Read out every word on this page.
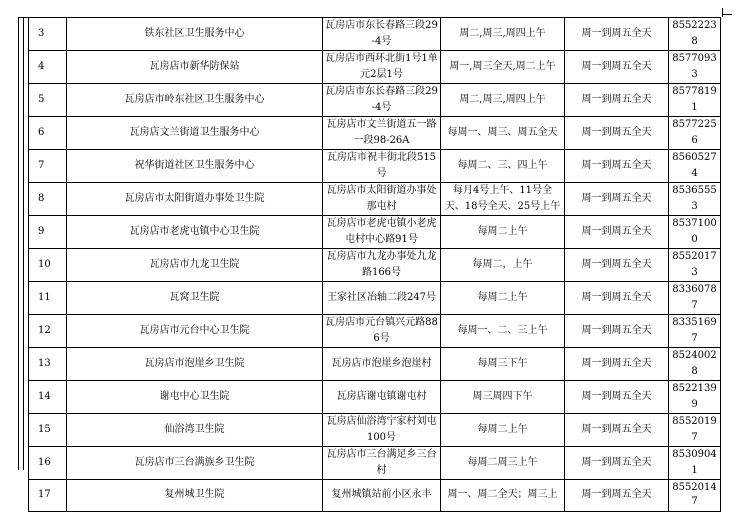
3	铁东社区卫生服务中心	瓦房店市东长春路三段29-4号	周二,周三,周四上午	周一到周五全天	85522238
4	瓦房店市新华防保站	瓦房店市西环北街1号1单元2层1号	周一,周三全天,周二上午	周一到周五全天	85770933
5	瓦房店市岭东社区卫生服务中心	瓦房店市东长春路三段29-4号	周二,周三,周四上午	周一到周五全天	85778191
6	瓦房店文兰街道卫生服务中心	瓦房店市文兰街道五一路一段98-26A	每周一、周三、周五全天	周一到周五全天	85772256
7	祝华街道社区卫生服务中心	瓦房店市祝丰街北段515号	每周二、三、四上午	周一到周五全天	85605274
8	瓦房店市太阳街道办事处卫生院	瓦房店市太阳街道办事处那屯村	每月4号上午、11号全天、18号全天、25号上午	周一到周五全天	85365553
9	瓦房店市老虎屯镇中心卫生院	瓦房店市老虎屯镇小老虎屯村中心路91号	每周二上午	周一到周五全天	85371000
10	瓦房店市九龙卫生院	瓦房店市九龙办事处九龙路166号	每周二，上午	周一到周五全天	85520173
11	瓦窝卫生院	王家社区冶轴二段247号	每周二上午	周一到周五全天	83360787
12	瓦房店市元台中心卫生院	瓦房店市元台镇兴元路886号	每周一、二、三上午	周一到周五全天	83351697
13	瓦房店市泡崖乡卫生院	瓦房店市泡崖乡泡崖村	每周三下午	周一到周五全天	85240028
14	谢屯中心卫生院	瓦房店谢屯镇谢屯村	周三周四下午	周一到周五全天	85221399
15	仙浴湾卫生院	瓦房店仙浴湾宁家村刘屯100号	每周二上午	周一到周五全天	85520197
16	瓦房店市三台满族乡卫生院	瓦房店市三台满足乡三台村	每周二周三上午	周一到周五全天	85309041
17	复州城卫生院	复州城镇站前小区永丰	周一、周二全天；周三上	周一到周五全天	85520147
